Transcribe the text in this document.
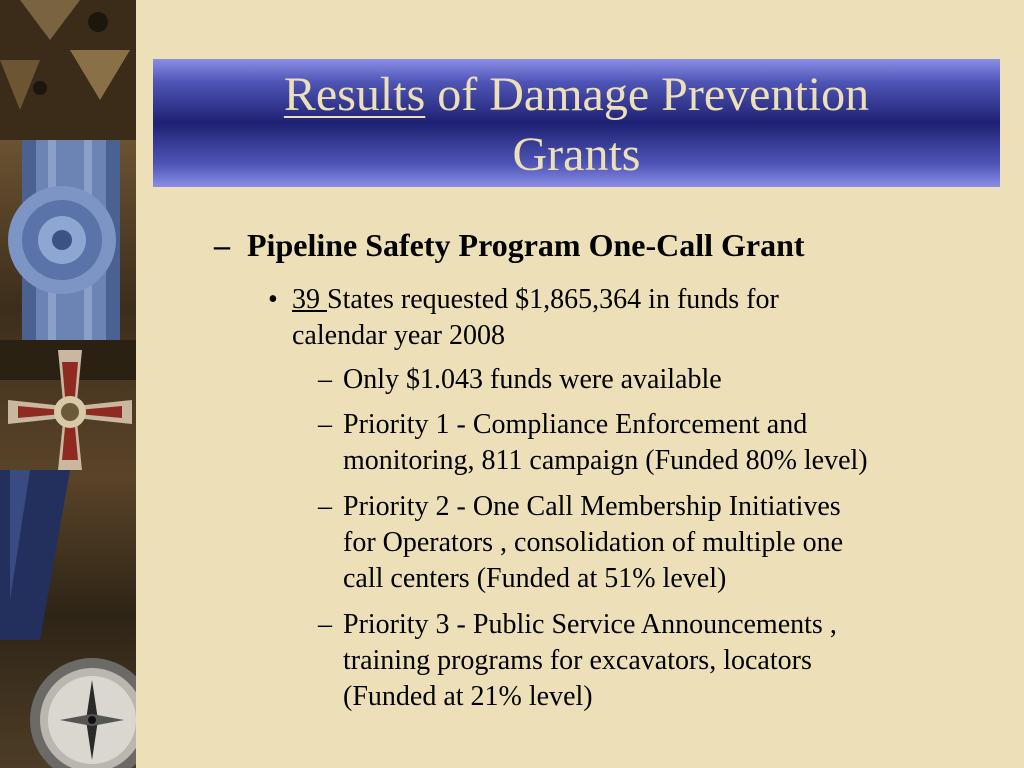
Results of Damage Prevention
Grants
– Pipeline Safety Program One-Call Grant
• 39 States requested $1,865,364 in funds for
calendar year 2008
– Only $1.043 funds were available
– Priority 1 - Compliance Enforcement and
monitoring, 811 campaign (Funded 80% level)
– Priority 2 - One Call Membership Initiatives
for Operators , consolidation of multiple one
call centers (Funded at 51% level)
– Priority 3 - Public Service Announcements ,
training programs for excavators, locators
(Funded at 21% level)
